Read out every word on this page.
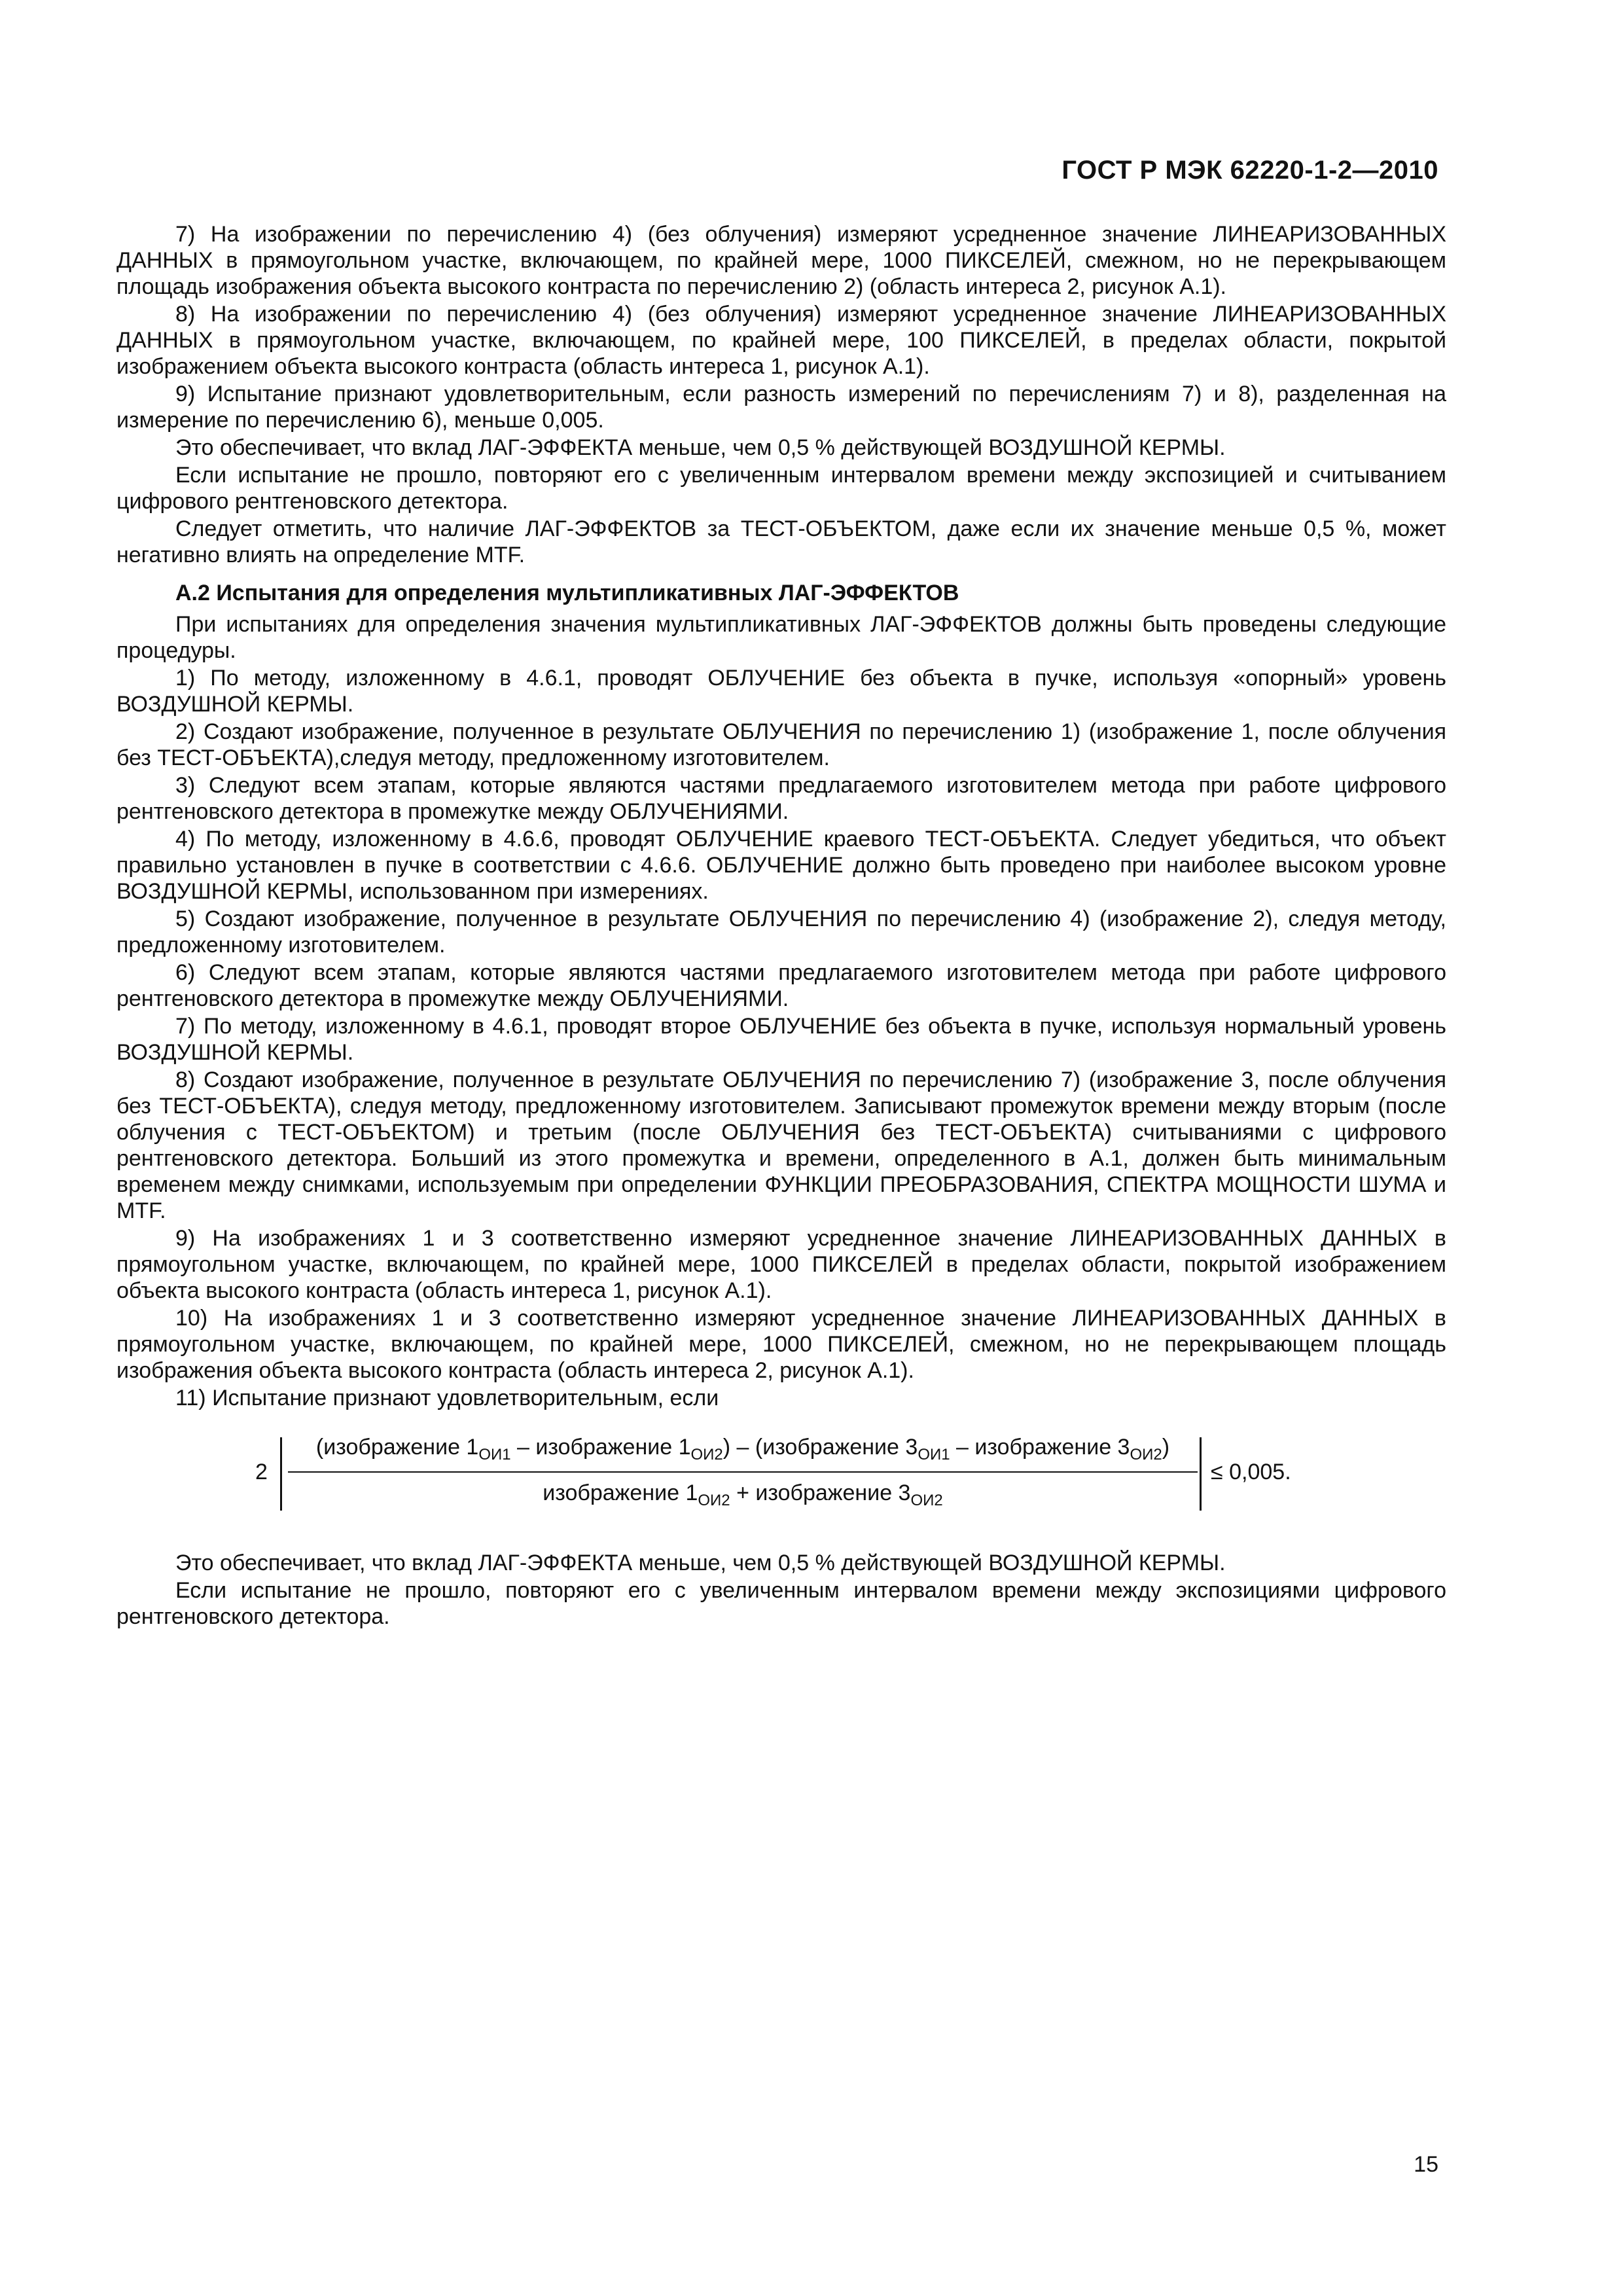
ГОСТ Р МЭК 62220-1-2—2010

7) На изображении по перечислению 4) (без облучения) измеряют усредненное значение ЛИНЕАРИЗОВАННЫХ ДАННЫХ в прямоугольном участке, включающем, по крайней мере, 1000 ПИКСЕЛЕЙ, смежном, но не перекрывающем площадь изображения объекта высокого контраста по перечислению 2) (область интереса 2, рисунок А.1).

8) На изображении по перечислению 4) (без облучения) измеряют усредненное значение ЛИНЕАРИЗОВАННЫХ ДАННЫХ в прямоугольном участке, включающем, по крайней мере, 100 ПИКСЕЛЕЙ, в пределах области, покрытой изображением объекта высокого контраста (область интереса 1, рисунок А.1).

9) Испытание признают удовлетворительным, если разность измерений по перечислениям 7) и 8), разделенная на измерение по перечислению 6), меньше 0,005.

Это обеспечивает, что вклад ЛАГ-ЭФФЕКТА меньше, чем 0,5 % действующей ВОЗДУШНОЙ КЕРМЫ.

Если испытание не прошло, повторяют его с увеличенным интервалом времени между экспозицией и считыванием цифрового рентгеновского детектора.

Следует отметить, что наличие ЛАГ-ЭФФЕКТОВ за ТЕСТ-ОБЪЕКТОМ, даже если их значение меньше 0,5 %, может негативно влиять на определение MTF.

А.2 Испытания для определения мультипликативных ЛАГ-ЭФФЕКТОВ

При испытаниях для определения значения мультипликативных ЛАГ-ЭФФЕКТОВ должны быть проведены следующие процедуры.

1) По методу, изложенному в 4.6.1, проводят ОБЛУЧЕНИЕ без объекта в пучке, используя «опорный» уровень ВОЗДУШНОЙ КЕРМЫ.

2) Создают изображение, полученное в результате ОБЛУЧЕНИЯ по перечислению 1) (изображение 1, после облучения без ТЕСТ-ОБЪЕКТА),следуя методу, предложенному изготовителем.

3) Следуют всем этапам, которые являются частями предлагаемого изготовителем метода при работе цифрового рентгеновского детектора в промежутке между ОБЛУЧЕНИЯМИ.

4) По методу, изложенному в 4.6.6, проводят ОБЛУЧЕНИЕ краевого ТЕСТ-ОБЪЕКТА. Следует убедиться, что объект правильно установлен в пучке в соответствии с 4.6.6. ОБЛУЧЕНИЕ должно быть проведено при наиболее высоком уровне ВОЗДУШНОЙ КЕРМЫ, использованном при измерениях.

5) Создают изображение, полученное в результате ОБЛУЧЕНИЯ по перечислению 4) (изображение 2), следуя методу, предложенному изготовителем.

6) Следуют всем этапам, которые являются частями предлагаемого изготовителем метода при работе цифрового рентгеновского детектора в промежутке между ОБЛУЧЕНИЯМИ.

7) По методу, изложенному в 4.6.1, проводят второе ОБЛУЧЕНИЕ без объекта в пучке, используя нормальный уровень ВОЗДУШНОЙ КЕРМЫ.

8) Создают изображение, полученное в результате ОБЛУЧЕНИЯ по перечислению 7) (изображение 3, после облучения без ТЕСТ-ОБЪЕКТА), следуя методу, предложенному изготовителем. Записывают промежуток времени между вторым (после облучения с ТЕСТ-ОБЪЕКТОМ) и третьим (после ОБЛУЧЕНИЯ без ТЕСТ-ОБЪЕКТА) считываниями с цифрового рентгеновского детектора. Больший из этого промежутка и времени, определенного в А.1, должен быть минимальным временем между снимками, используемым при определении ФУНКЦИИ ПРЕОБРАЗОВАНИЯ, СПЕКТРА МОЩНОСТИ ШУМА и MTF.

9) На изображениях 1 и 3 соответственно измеряют усредненное значение ЛИНЕАРИЗОВАННЫХ ДАННЫХ в прямоугольном участке, включающем, по крайней мере, 1000 ПИКСЕЛЕЙ в пределах области, покрытой изображением объекта высокого контраста (область интереса 1, рисунок А.1).

10) На изображениях 1 и 3 соответственно измеряют усредненное значение ЛИНЕАРИЗОВАННЫХ ДАННЫХ в прямоугольном участке, включающем, по крайней мере, 1000 ПИКСЕЛЕЙ, смежном, но не перекрывающем площадь изображения объекта высокого контраста (область интереса 2, рисунок А.1).

11) Испытание признают удовлетворительным, если

2
(изображение $1_{ОИ1}$ – изображение $1_{ОИ2}$) – (изображение $3_{ОИ1}$ – изображение $3_{ОИ2}$)
изображение $1_{ОИ2}$ + изображение $3_{ОИ2}$
≤ 0,005.

Это обеспечивает, что вклад ЛАГ-ЭФФЕКТА меньше, чем 0,5 % действующей ВОЗДУШНОЙ КЕРМЫ.

Если испытание не прошло, повторяют его с увеличенным интервалом времени между экспозициями цифрового рентгеновского детектора.

15
